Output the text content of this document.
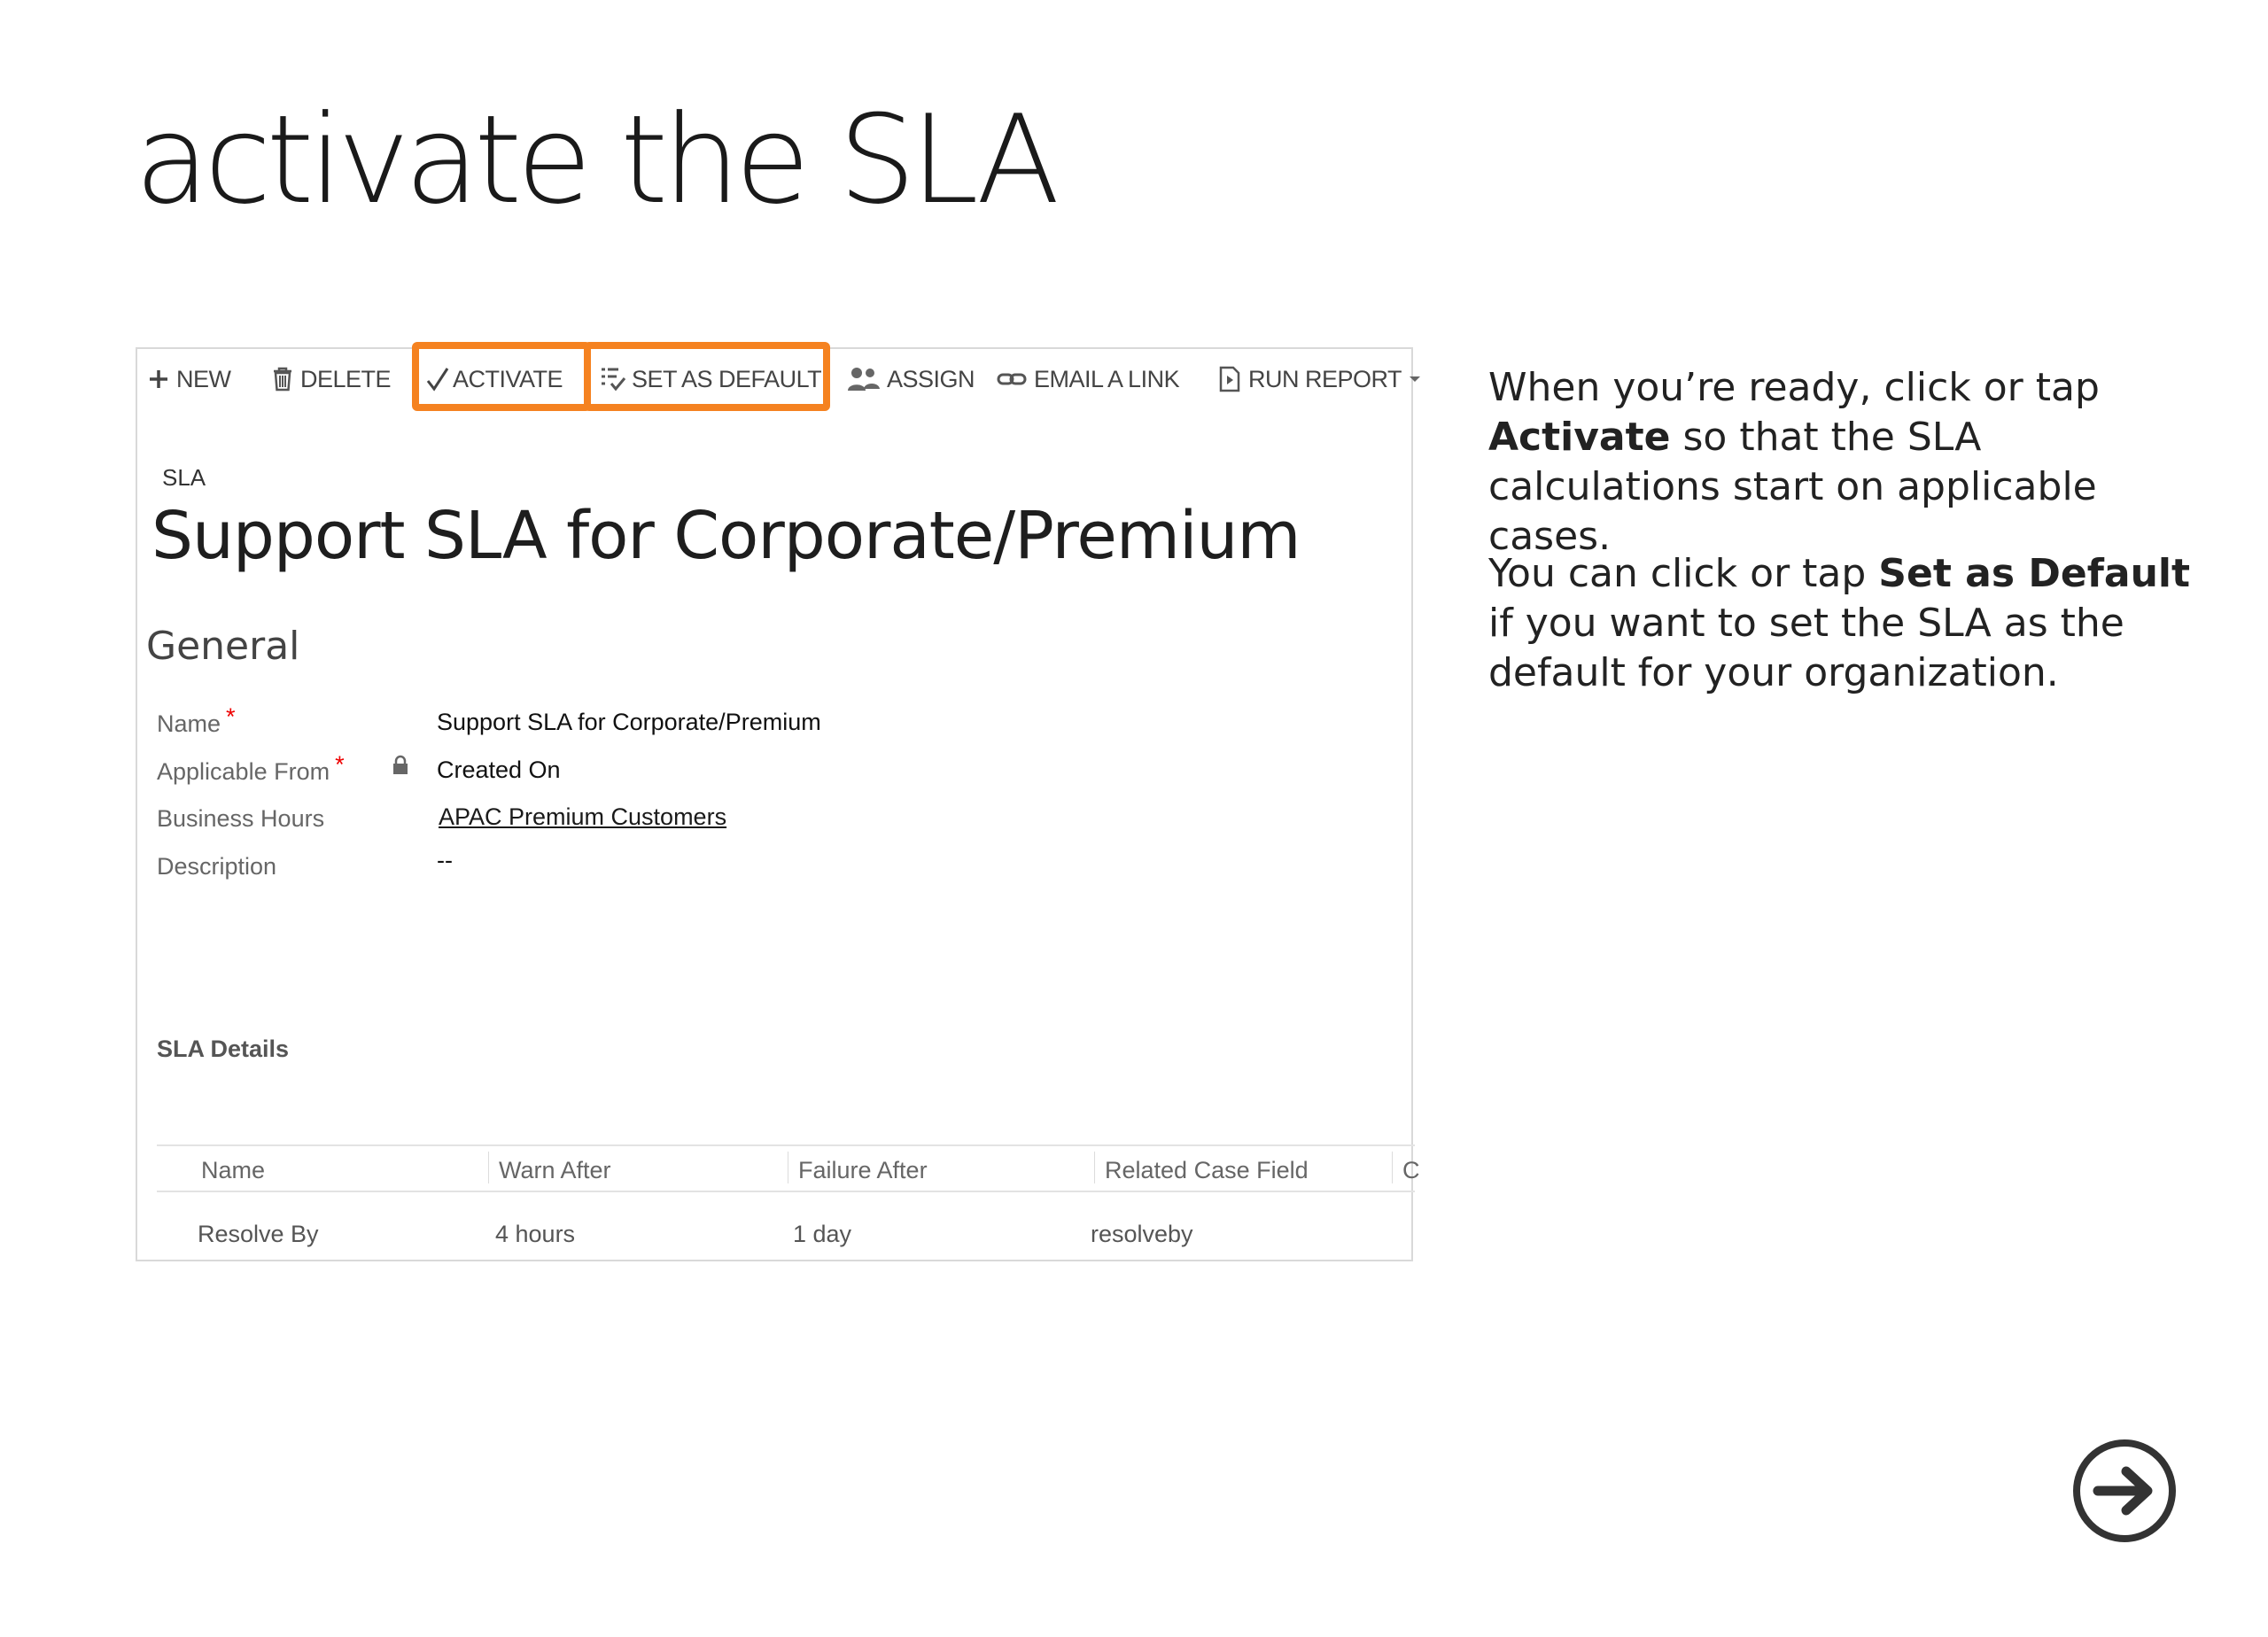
activate the SLA
NEW	DELETE	ACTIVATE	SET AS DEFAULT	ASSIGN EMAIL A LINK	RUN REPORT
SLA
Support SLA for Corporate/Premium
General
Name *	Support SLA for Corporate/Premium
Applicable From *	Created On
Business Hours	APAC Premium Customers
Description	--
SLA Details
Name	Warn After	Failure After	Related Case Field	C
Resolve By	4 hours	1 day	resolveby
When you’re ready, click or tap Activate so that the SLA calculations start on applicable cases.
You can click or tap Set as Default if you want to set the SLA as the default for your organization.
